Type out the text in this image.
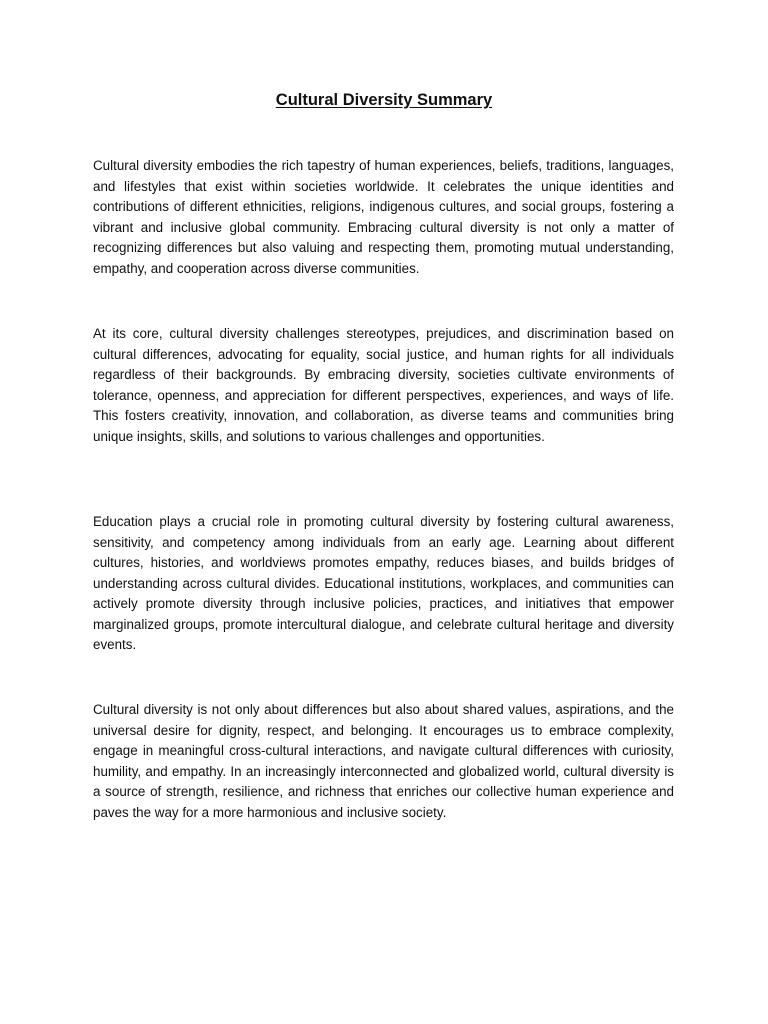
Cultural Diversity Summary

Cultural diversity embodies the rich tapestry of human experiences, beliefs, traditions, languages, and lifestyles that exist within societies worldwide. It celebrates the unique identities and contributions of different ethnicities, religions, indigenous cultures, and social groups, fostering a vibrant and inclusive global community. Embracing cultural diversity is not only a matter of recognizing differences but also valuing and respecting them, promoting mutual understanding, empathy, and cooperation across diverse communities.

At its core, cultural diversity challenges stereotypes, prejudices, and discrimination based on cultural differences, advocating for equality, social justice, and human rights for all individuals regardless of their backgrounds. By embracing diversity, societies cultivate environments of tolerance, openness, and appreciation for different perspectives, experiences, and ways of life. This fosters creativity, innovation, and collaboration, as diverse teams and communities bring unique insights, skills, and solutions to various challenges and opportunities.

Education plays a crucial role in promoting cultural diversity by fostering cultural awareness, sensitivity, and competency among individuals from an early age. Learning about different cultures, histories, and worldviews promotes empathy, reduces biases, and builds bridges of understanding across cultural divides. Educational institutions, workplaces, and communities can actively promote diversity through inclusive policies, practices, and initiatives that empower marginalized groups, promote intercultural dialogue, and celebrate cultural heritage and diversity events.

Cultural diversity is not only about differences but also about shared values, aspirations, and the universal desire for dignity, respect, and belonging. It encourages us to embrace complexity, engage in meaningful cross-cultural interactions, and navigate cultural differences with curiosity, humility, and empathy. In an increasingly interconnected and globalized world, cultural diversity is a source of strength, resilience, and richness that enriches our collective human experience and paves the way for a more harmonious and inclusive society.
